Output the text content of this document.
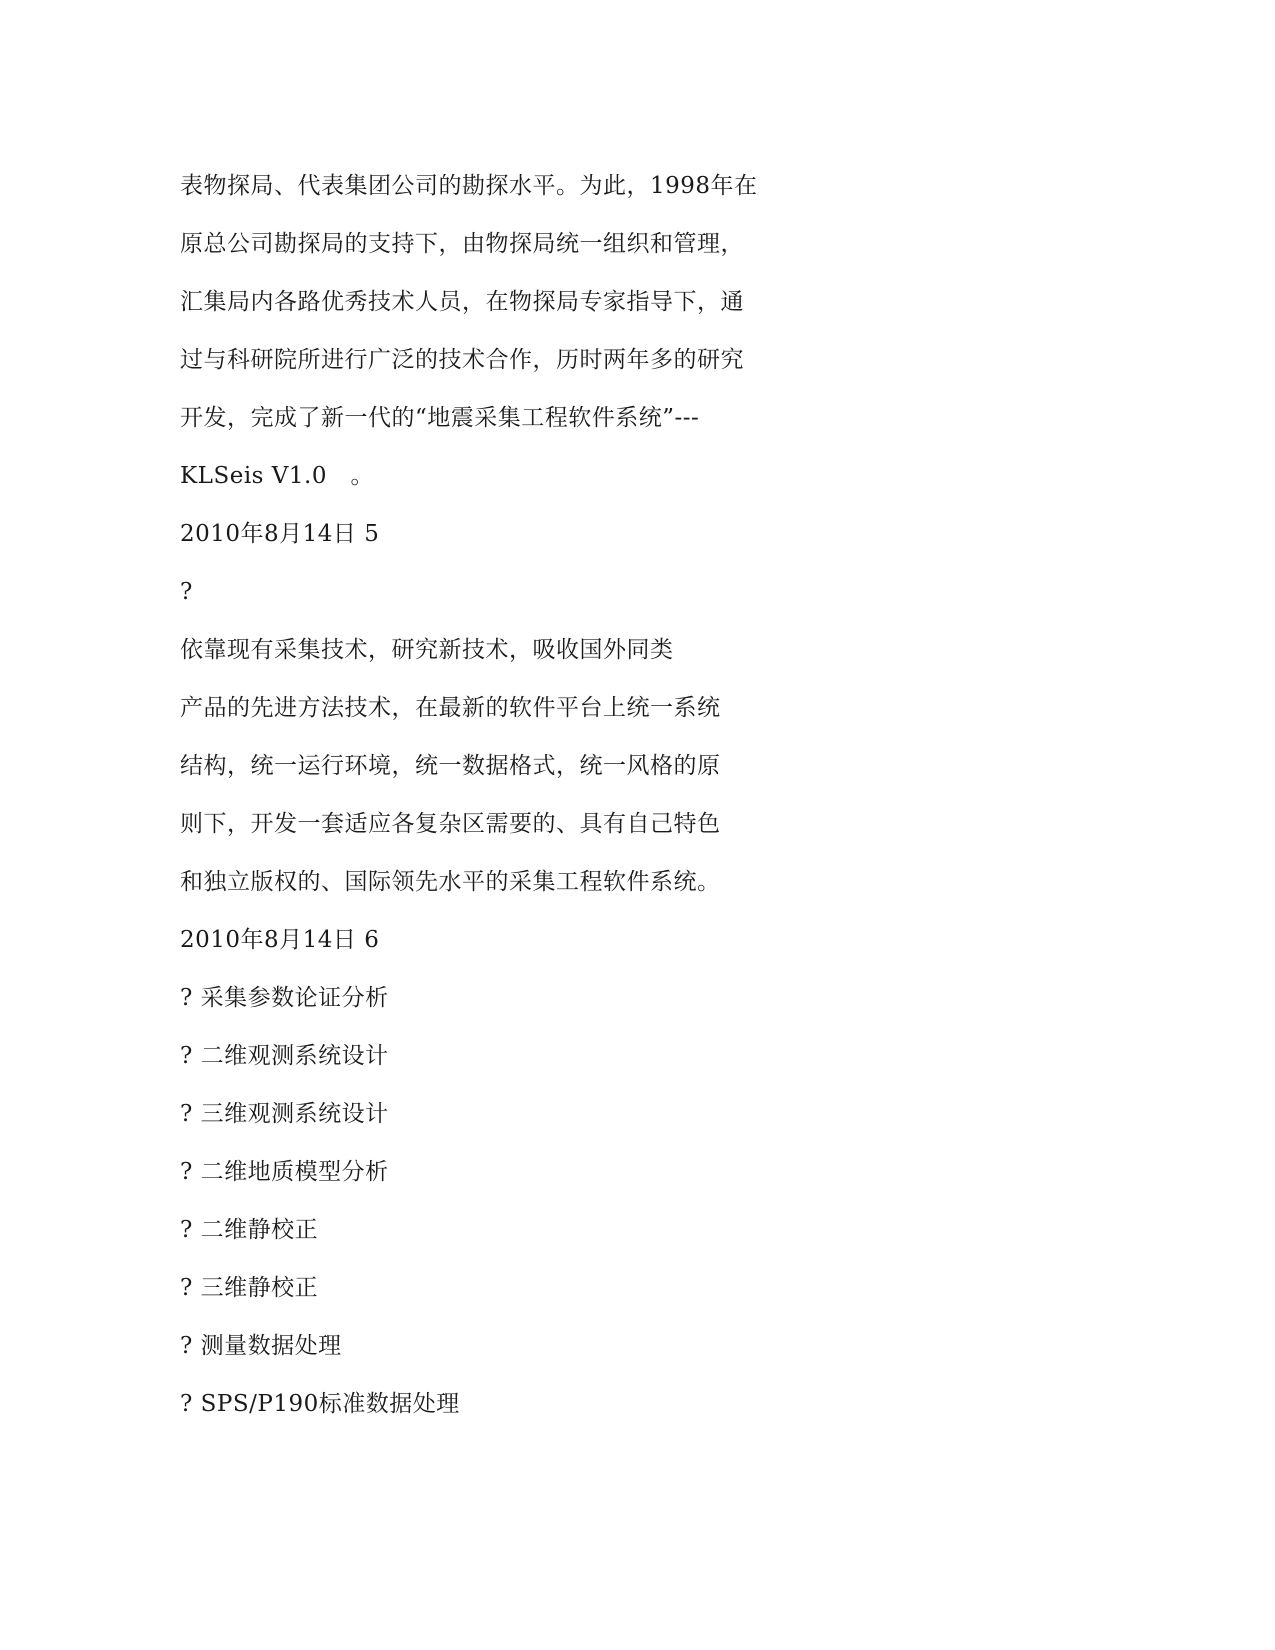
表物探局、代表集团公司的勘探水平。为此，1998年在
原总公司勘探局的支持下，由物探局统一组织和管理，
汇集局内各路优秀技术人员，在物探局专家指导下，通
过与科研院所进行广泛的技术合作，历时两年多的研究
开发，完成了新一代的“地震采集工程软件系统”---
KLSeis V1.0　。
2010年8月14日 5
?
依靠现有采集技术，研究新技术，吸收国外同类
产品的先进方法技术，在最新的软件平台上统一系统
结构，统一运行环境，统一数据格式，统一风格的原
则下，开发一套适应各复杂区需要的、具有自己特色
和独立版权的、国际领先水平的采集工程软件系统。
2010年8月14日 6
? 采集参数论证分析
? 二维观测系统设计
? 三维观测系统设计
? 二维地质模型分析
? 二维静校正
? 三维静校正
? 测量数据处理
? SPS/P190标准数据处理
